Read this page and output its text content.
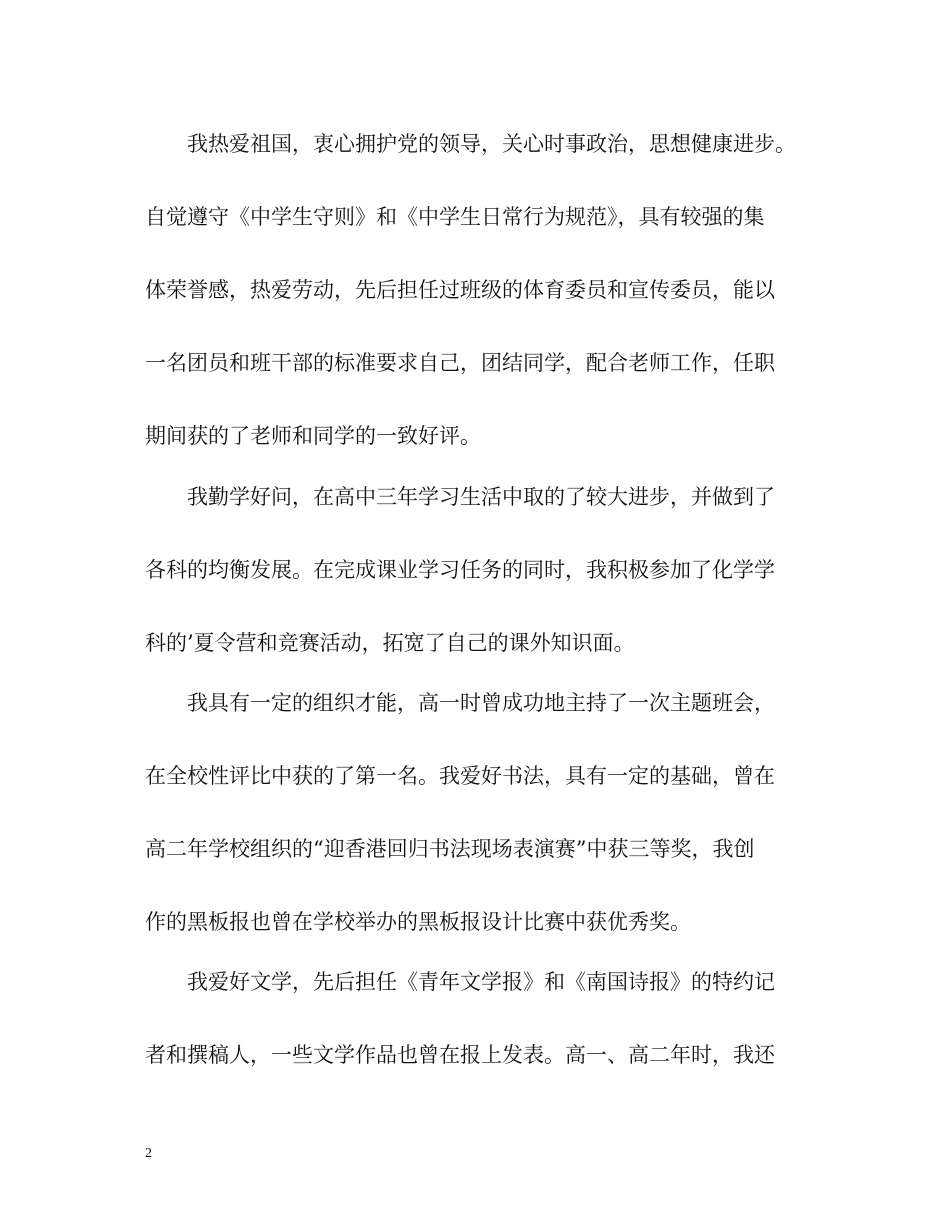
我热爱祖国，衷心拥护党的领导，关心时事政治，思想健康进步。
自觉遵守《中学生守则》和《中学生日常行为规范》，具有较强的集
体荣誉感，热爱劳动，先后担任过班级的体育委员和宣传委员，能以
一名团员和班干部的标准要求自己，团结同学，配合老师工作，任职
期间获的了老师和同学的一致好评。
我勤学好问，在高中三年学习生活中取的了较大进步，并做到了
各科的均衡发展。在完成课业学习任务的同时，我积极参加了化学学
科的’夏令营和竞赛活动，拓宽了自己的课外知识面。
我具有一定的组织才能，高一时曾成功地主持了一次主题班会，
在全校性评比中获的了第一名。我爱好书法，具有一定的基础，曾在
高二年学校组织的“迎香港回归书法现场表演赛”中获三等奖，我创
作的黑板报也曾在学校举办的黑板报设计比赛中获优秀奖。
我爱好文学，先后担任《青年文学报》和《南国诗报》的特约记
者和撰稿人，一些文学作品也曾在报上发表。高一、高二年时，我还
2
